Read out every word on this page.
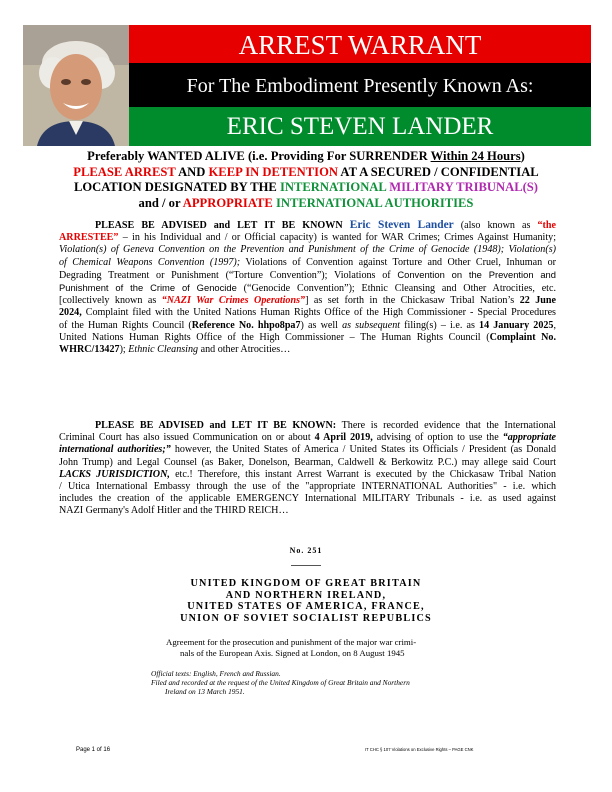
ARREST WARRANT
For The Embodiment Presently Known As:
ERIC STEVEN LANDER
Preferably WANTED ALIVE (i.e. Providing For SURRENDER Within 24 Hours)
PLEASE ARREST AND KEEP IN DETENTION AT A SECURED / CONFIDENTIAL
LOCATION DESIGNATED BY THE INTERNATIONAL MILITARY TRIBUNAL(S)
and / or APPROPRIATE INTERNATIONAL AUTHORITIES
PLEASE BE ADVISED and LET IT BE KNOWN Eric Steven Lander (also known as “the
ARRESTEE” – in his Individual and / or Official capacity) is wanted for WAR Crimes; Crimes Against Humanity;
Violation(s) of Geneva Convention on the Prevention and Punishment of the Crime of Genocide (1948); Violation(s)
of Chemical Weapons Convention (1997); Violations of Convention against Torture and Other Cruel, Inhuman or
Degrading Treatment or Punishment (“Torture Convention”); Violations of Convention on the Prevention and
Punishment of the Crime of Genocide (“Genocide Convention”); Ethnic Cleansing and Other Atrocities, etc.
[collectively known as “NAZI War Crimes Operations”] as set forth in the Chickasaw Tribal Nation’s 22 June
2024, Complaint filed with the United Nations Human Rights Office of the High Commissioner - Special Procedures
of the Human Rights Council (Reference No. hhpo8pa7) as well as subsequent filing(s) – i.e. as 14 January 2025,
United Nations Human Rights Office of the High Commissioner – The Human Rights Council (Complaint No.
WHRC/13427); Ethnic Cleansing and other Atrocities…
PLEASE BE ADVISED and LET IT BE KNOWN: There is recorded evidence that the International
Criminal Court has also issued Communication on or about 4 April 2019, advising of option to use the “appropriate
international authorities;” however, the United States of America / United States its Officials / President (as Donald
John Trump) and Legal Counsel (as Baker, Donelson, Bearman, Caldwell & Berkowitz P.C.) may allege said Court
LACKS JURISDICTION, etc.! Therefore, this instant Arrest Warrant is executed by the Chickasaw Tribal Nation
/ Utica International Embassy through the use of the "appropriate INTERNATIONAL Authorities" - i.e. which
includes the creation of the applicable EMERGENCY International MILITARY Tribunals - i.e. as used against
NAZI Germany's Adolf Hitler and the THIRD REICH…
No. 251
UNITED KINGDOM OF GREAT BRITAIN
AND NORTHERN IRELAND,
UNITED STATES OF AMERICA, FRANCE,
UNION OF SOVIET SOCIALIST REPUBLICS
Agreement for the prosecution and punishment of the major war crimi-
nals of the European Axis. Signed at London, on 8 August 1945
Official texts: English, French and Russian.
Filed and recorded at the request of the United Kingdom of Great Britain and Northern
Ireland on 13 March 1951.
Page 1 of 16	IT CHC § 107 Violations on Exclusive Rights – PAGE CNK
